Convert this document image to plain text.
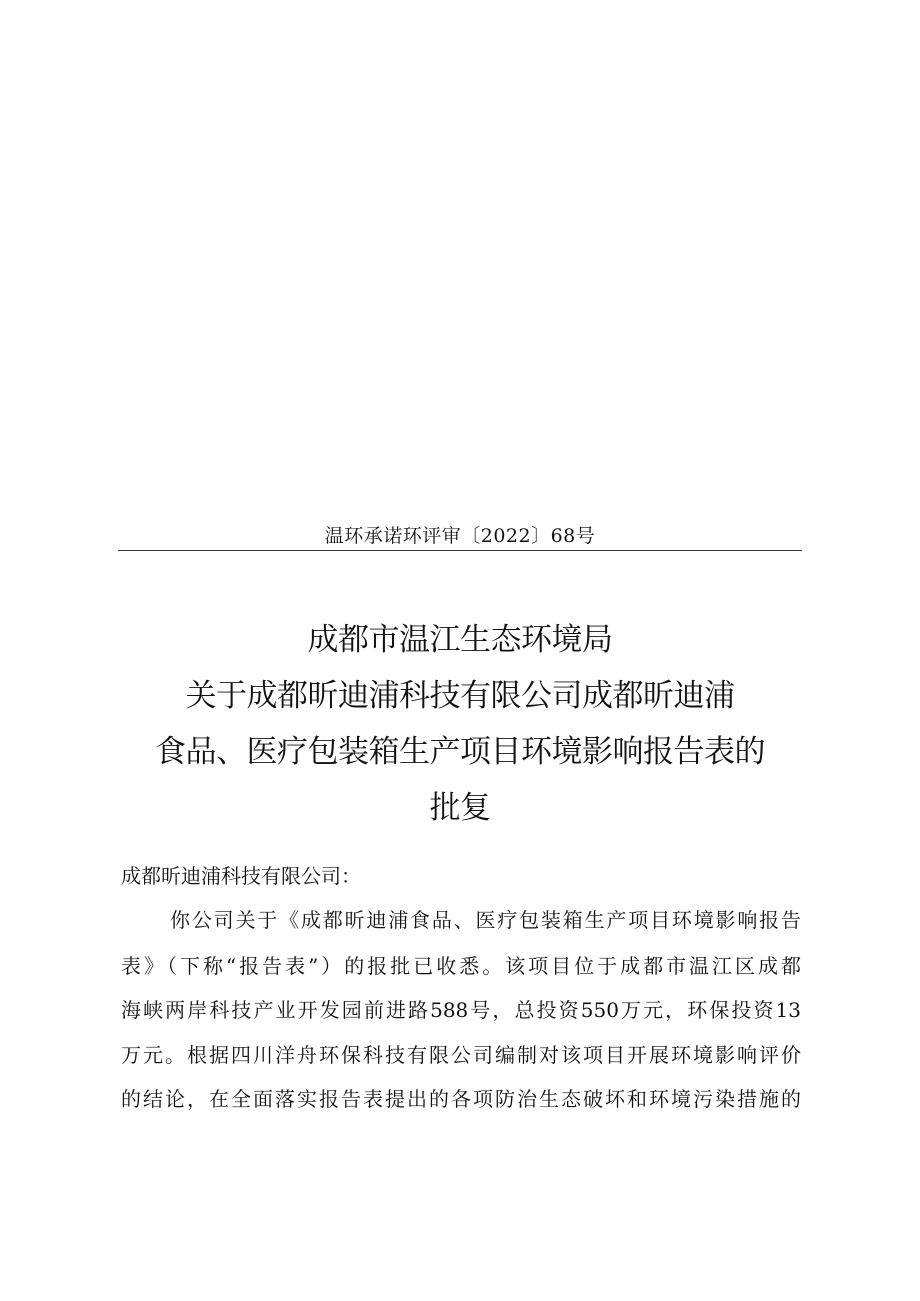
温环承诺环评审〔2022〕68号
成都市温江生态环境局
关于成都昕迪浦科技有限公司成都昕迪浦
食品、医疗包装箱生产项目环境影响报告表的
批复
成都昕迪浦科技有限公司：
你公司关于《成都昕迪浦食品、医疗包装箱生产项目环境影响报告
表》（下称“报告表”）的报批已收悉。该项目位于成都市温江区成都
海峡两岸科技产业开发园前进路588号，总投资550万元，环保投资13
万元。根据四川洋舟环保科技有限公司编制对该项目开展环境影响评价
的结论，在全面落实报告表提出的各项防治生态破坏和环境污染措施的
